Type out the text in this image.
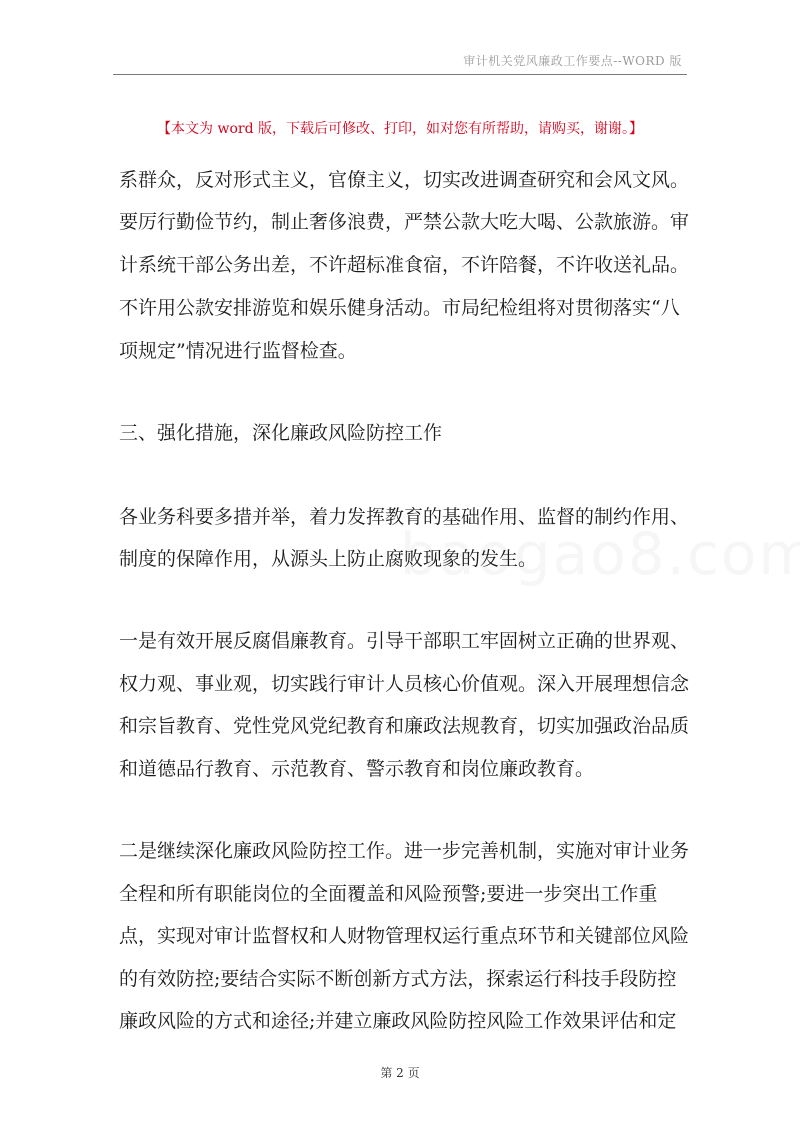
审计机关党风廉政工作要点--WORD 版
【本文为 word 版，下载后可修改、打印，如对您有所帮助，请购买，谢谢。】
系群众，反对形式主义，官僚主义，切实改进调查研究和会风文风。
要厉行勤俭节约，制止奢侈浪费，严禁公款大吃大喝、公款旅游。审
计系统干部公务出差，不许超标准食宿，不许陪餐，不许收送礼品。
不许用公款安排游览和娱乐健身活动。市局纪检组将对贯彻落实“八
项规定”情况进行监督检查。
三、强化措施，深化廉政风险防控工作
各业务科要多措并举，着力发挥教育的基础作用、监督的制约作用、
制度的保障作用，从源头上防止腐败现象的发生。
一是有效开展反腐倡廉教育。引导干部职工牢固树立正确的世界观、
权力观、事业观，切实践行审计人员核心价值观。深入开展理想信念
和宗旨教育、党性党风党纪教育和廉政法规教育，切实加强政治品质
和道德品行教育、示范教育、警示教育和岗位廉政教育。
二是继续深化廉政风险防控工作。进一步完善机制，实施对审计业务
全程和所有职能岗位的全面覆盖和风险预警;要进一步突出工作重
点，实现对审计监督权和人财物管理权运行重点环节和关键部位风险
的有效防控;要结合实际不断创新方式方法，探索运行科技手段防控
廉政风险的方式和途径;并建立廉政风险防控风险工作效果评估和定
第 2 页
